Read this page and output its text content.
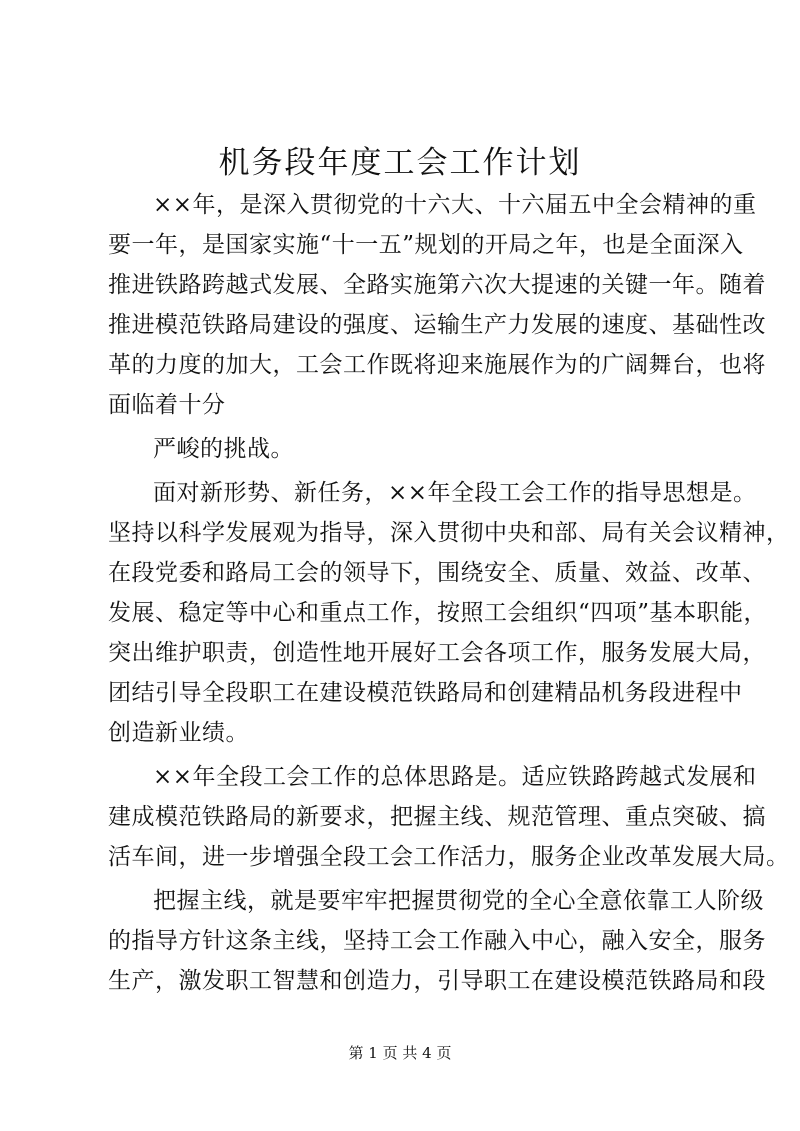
机务段年度工会工作计划
××年，是深入贯彻党的十六大、十六届五中全会精神的重
要一年，是国家实施“十一五”规划的开局之年，也是全面深入
推进铁路跨越式发展、全路实施第六次大提速的关键一年。随着
推进模范铁路局建设的强度、运输生产力发展的速度、基础性改
革的力度的加大，工会工作既将迎来施展作为的广阔舞台，也将
面临着十分
严峻的挑战。
面对新形势、新任务，××年全段工会工作的指导思想是。
坚持以科学发展观为指导，深入贯彻中央和部、局有关会议精神，
在段党委和路局工会的领导下，围绕安全、质量、效益、改革、
发展、稳定等中心和重点工作，按照工会组织“四项”基本职能，
突出维护职责，创造性地开展好工会各项工作，服务发展大局，
团结引导全段职工在建设模范铁路局和创建精品机务段进程中
创造新业绩。
××年全段工会工作的总体思路是。适应铁路跨越式发展和
建成模范铁路局的新要求，把握主线、规范管理、重点突破、搞
活车间，进一步增强全段工会工作活力，服务企业改革发展大局。
把握主线，就是要牢牢把握贯彻党的全心全意依靠工人阶级
的指导方针这条主线，坚持工会工作融入中心，融入安全，服务
生产，激发职工智慧和创造力，引导职工在建设模范铁路局和段
第 1 页 共 4 页
